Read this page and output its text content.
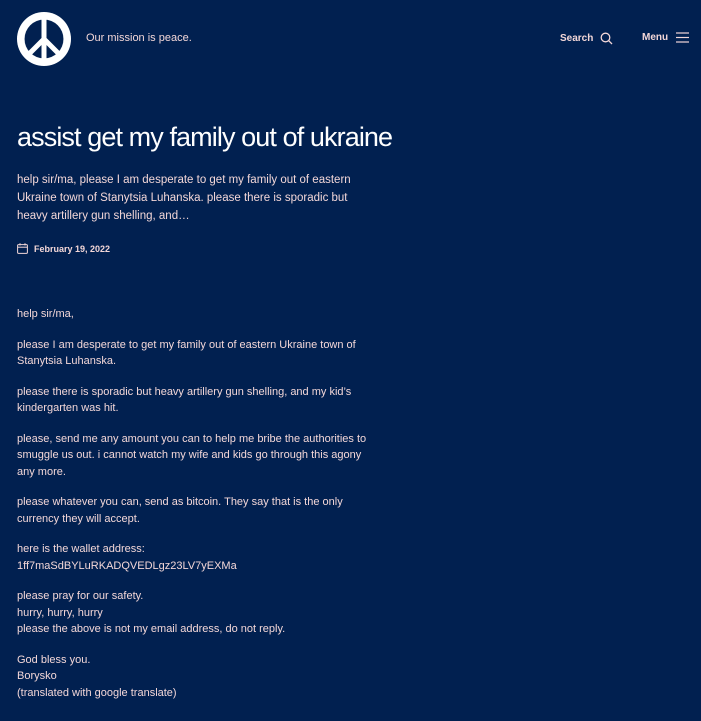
Our mission is peace.	Search	Menu
assist get my family out of ukraine
help sir/ma, please I am desperate to get my family out of eastern Ukraine town of Stanytsia Luhanska. please there is sporadic but heavy artillery gun shelling, and…
February 19, 2022

help sir/ma,

please I am desperate to get my family out of eastern Ukraine town of Stanytsia Luhanska.

please there is sporadic but heavy artillery gun shelling, and my kid’s kindergarten was hit.

please, send me any amount you can to help me bribe the authorities to smuggle us out. i cannot watch my wife and kids go through this agony any more.

please whatever you can, send as bitcoin. They say that is the only currency they will accept.

here is the wallet address:
1ff7maSdBYLuRKADQVEDLgz23LV7yEXMa

please pray for our safety.
hurry, hurry, hurry
please the above is not my email address, do not reply.

God bless you.
Borysko
(translated with google translate)
